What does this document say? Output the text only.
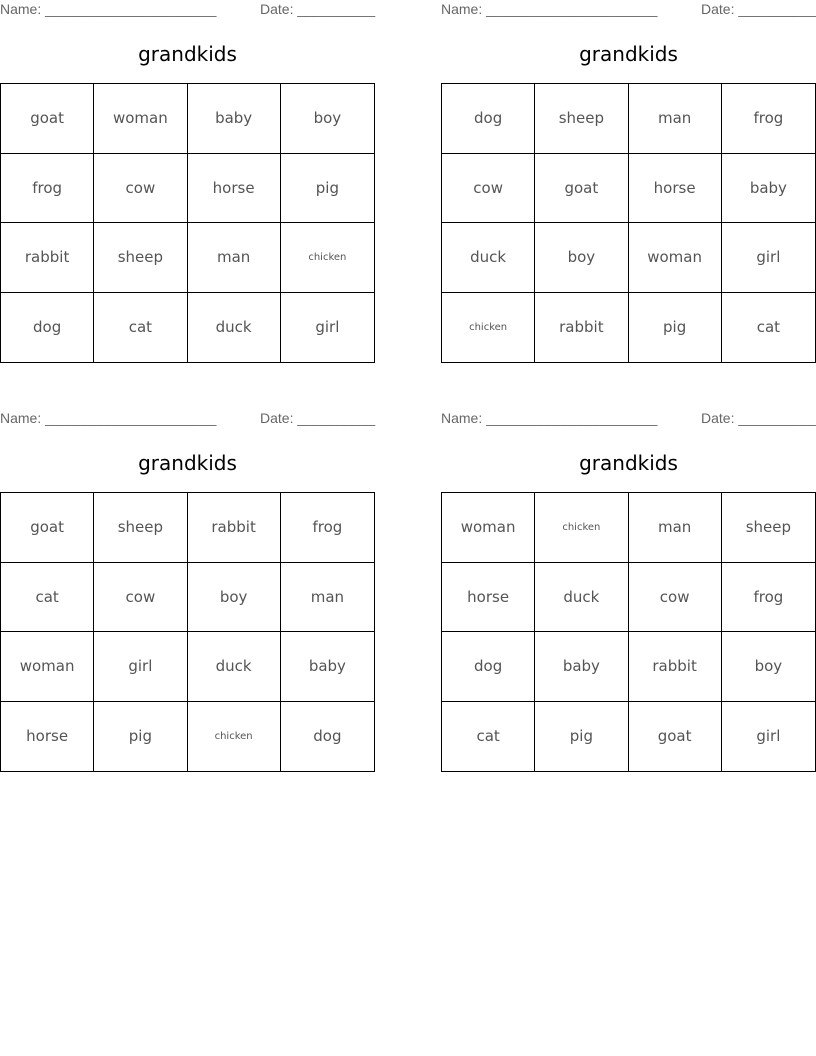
Name: ______________________	Date: __________
grandkids
goat	woman	baby	boy
frog	cow	horse	pig
rabbit	sheep	man	chicken
dog	cat	duck	girl
Name: ______________________	Date: __________
grandkids
dog	sheep	man	frog
cow	goat	horse	baby
duck	boy	woman	girl
chicken	rabbit	pig	cat
Name: ______________________	Date: __________
grandkids
goat	sheep	rabbit	frog
cat	cow	boy	man
woman	girl	duck	baby
horse	pig	chicken	dog
Name: ______________________	Date: __________
grandkids
woman	chicken	man	sheep
horse	duck	cow	frog
dog	baby	rabbit	boy
cat	pig	goat	girl
